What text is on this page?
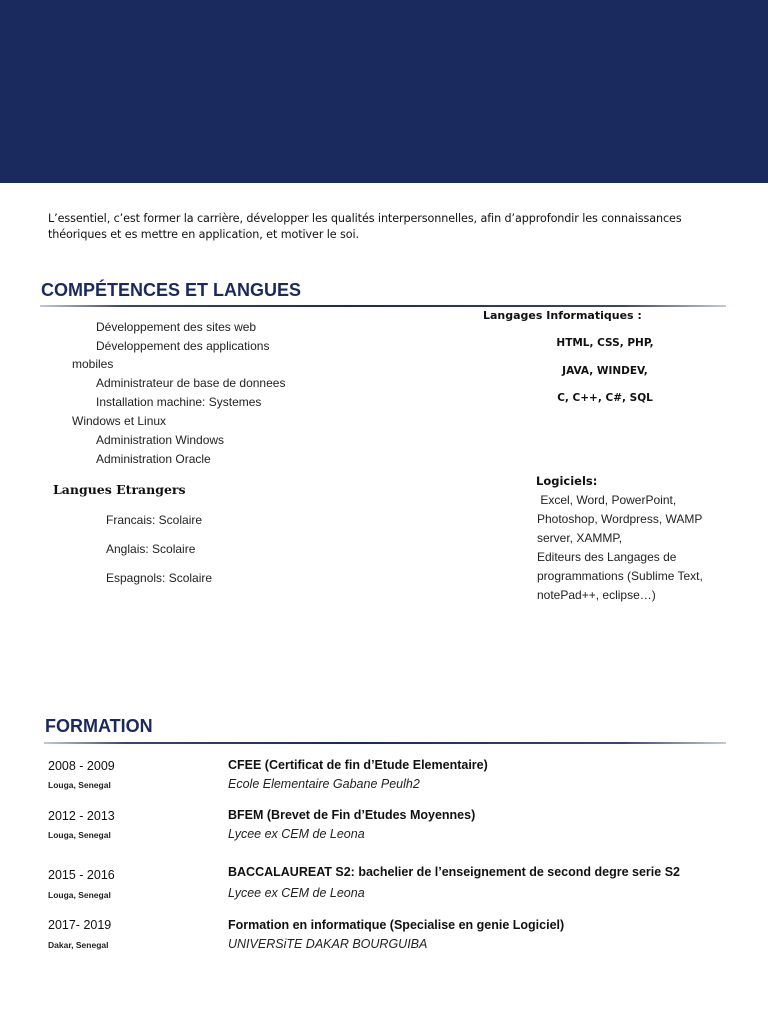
L’essentiel, c’est former la carrière, développer les qualités interpersonnelles, afin d’approfondir les connaissances théoriques et es mettre en application, et motiver le soi.

COMPÉTENCES ET LANGUES
Développement des sites web
Développement des applications
mobiles
Administrateur de base de donnees
Installation machine: Systemes
Windows et Linux
Administration Windows
Administration Oracle
Langues Etrangers
Francais: Scolaire
Anglais: Scolaire
Espagnols: Scolaire
Langages Informatiques :
HTML, CSS, PHP,
JAVA, WINDEV,
C, C++, C#, SQL
Logiciels:
Excel, Word, PowerPoint,
Photoshop, Wordpress, WAMP
server, XAMMP,
Editeurs des Langages de
programmations (Sublime Text,
notePad++, eclipse…)
FORMATION
2008 - 2009
Louga, Senegal
CFEE (Certificat de fin d’Etude Elementaire)
Ecole Elementaire Gabane Peulh2
2012 - 2013
Louga, Senegal
BFEM (Brevet de Fin d’Etudes Moyennes)
Lycee ex CEM de Leona
2015 - 2016
Louga, Senegal
BACCALAUREAT S2: bachelier de l’enseignement de second degre serie S2
Lycee ex CEM de Leona
2017- 2019
Dakar, Senegal
Formation en informatique (Specialise en genie Logiciel)
UNIVERSiTE DAKAR BOURGUIBA
